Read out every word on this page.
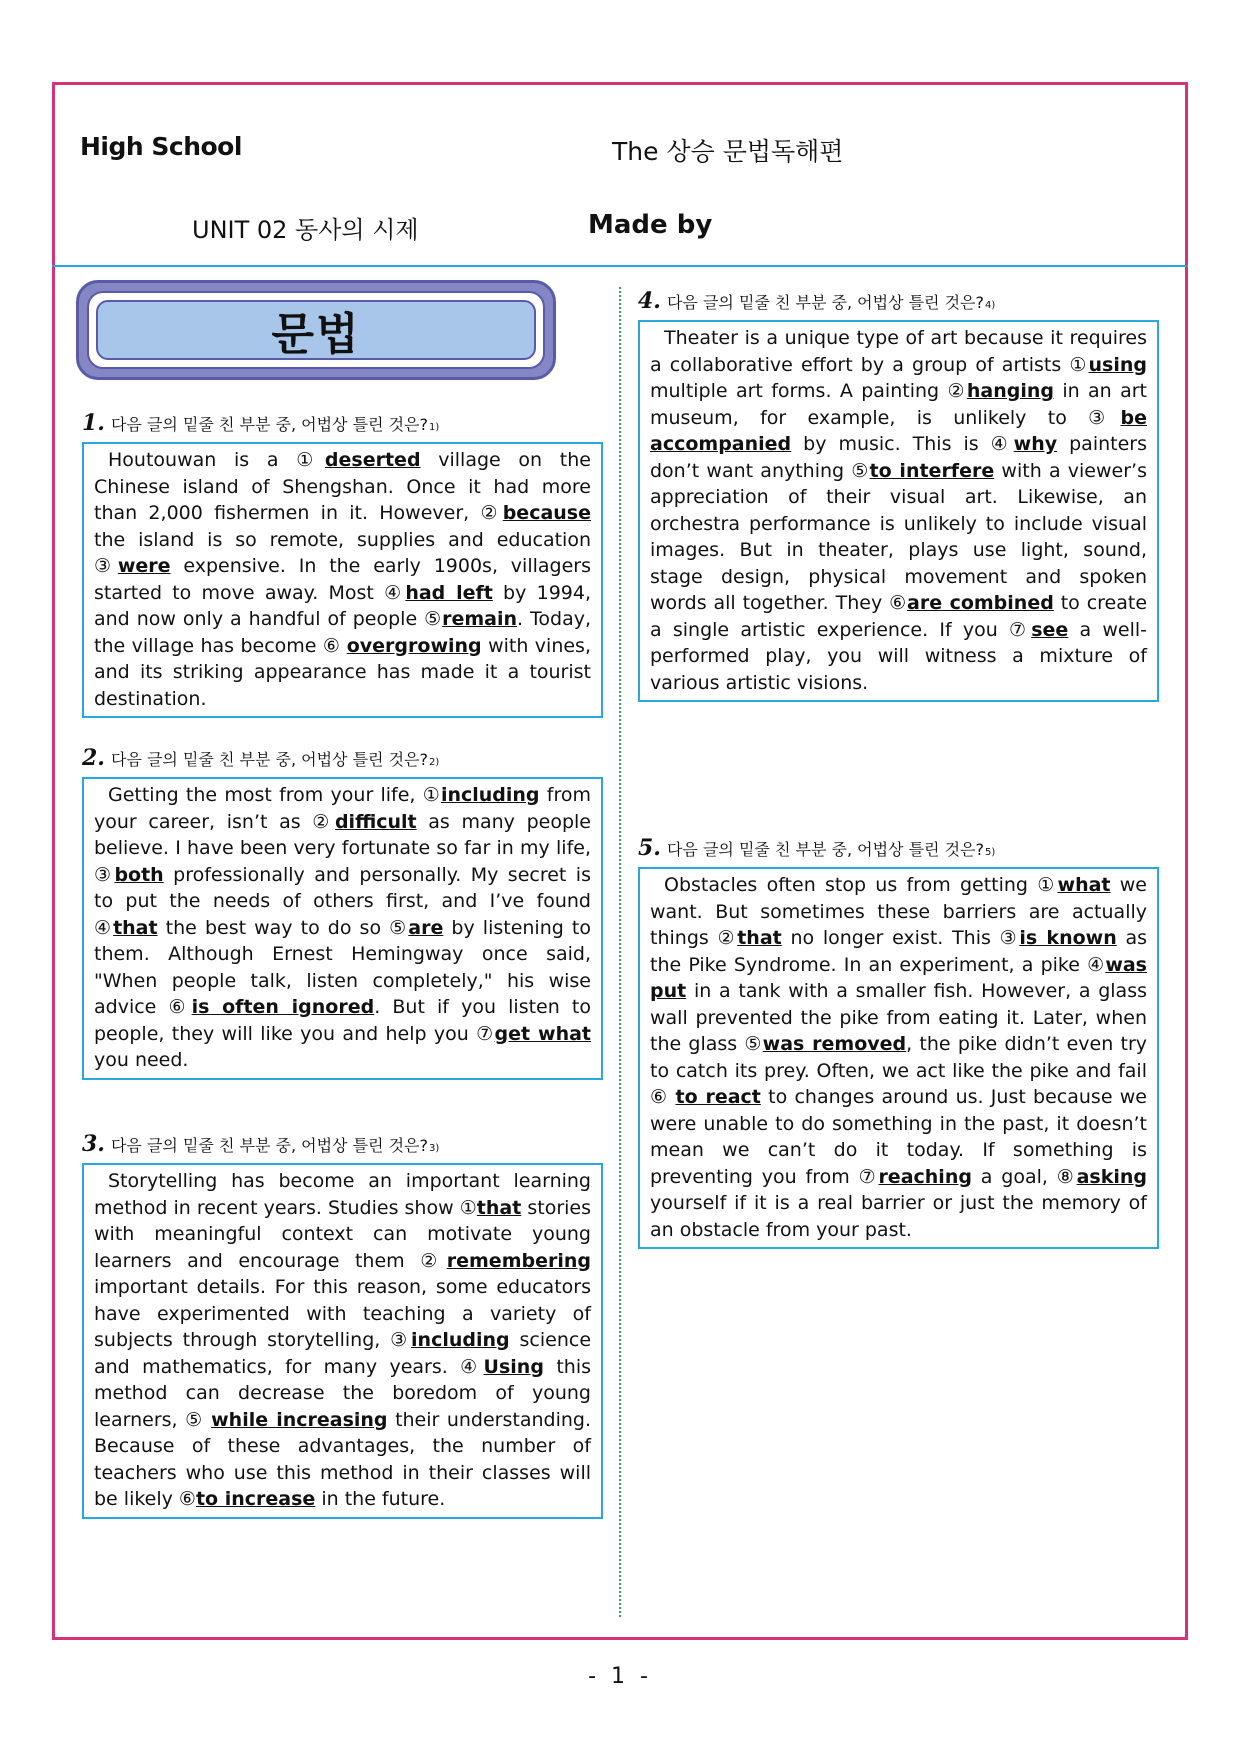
High School	The 상승 문법독해편
UNIT 02 동사의 시제	Made by
문법
1. 다음 글의 밑줄 친 부분 중, 어법상 틀린 것은? 1)

Houtouwan is a ①deserted village on the Chinese island of Shengshan. Once it had more than 2,000 fishermen in it. However, ②because the island is so remote, supplies and education ③were expensive. In the early 1900s, villagers started to move away. Most ④had left by 1994, and now only a handful of people ⑤remain. Today, the village has become ⑥ overgrowing with vines, and its striking appearance has made it a tourist destination.

2. 다음 글의 밑줄 친 부분 중, 어법상 틀린 것은? 2)

Getting the most from your life, ①including from your career, isn’t as ②difficult as many people believe. I have been very fortunate so far in my life, ③both professionally and personally. My secret is to put the needs of others first, and I’ve found ④that the best way to do so ⑤are by listening to them. Although Ernest Hemingway once said, "When people talk, listen completely," his wise advice ⑥is often ignored. But if you listen to people, they will like you and help you ⑦get what you need.

3. 다음 글의 밑줄 친 부분 중, 어법상 틀린 것은? 3)

Storytelling has become an important learning method in recent years. Studies show ①that stories with meaningful context can motivate young learners and encourage them ②remembering important details. For this reason, some educators have experimented with teaching a variety of subjects through storytelling, ③including science and mathematics, for many years. ④Using this method can decrease the boredom of young learners, ⑤ while increasing their understanding. Because of these advantages, the number of teachers who use this method in their classes will be likely ⑥to increase in the future.

4. 다음 글의 밑줄 친 부분 중, 어법상 틀린 것은? 4)

Theater is a unique type of art because it requires a collaborative effort by a group of artists ①using multiple art forms. A painting ②hanging in an art museum, for example, is unlikely to ③be accompanied by music. This is ④why painters don’t want anything ⑤to interfere with a viewer’s appreciation of their visual art. Likewise, an orchestra performance is unlikely to include visual images. But in theater, plays use light, sound, stage design, physical movement and spoken words all together. They ⑥are combined to create a single artistic experience. If you ⑦see a well-performed play, you will witness a mixture of various artistic visions.

5. 다음 글의 밑줄 친 부분 중, 어법상 틀린 것은? 5)

Obstacles often stop us from getting ①what we want. But sometimes these barriers are actually things ②that no longer exist. This ③is known as the Pike Syndrome. In an experiment, a pike ④was put in a tank with a smaller fish. However, a glass wall prevented the pike from eating it. Later, when the glass ⑤was removed, the pike didn’t even try to catch its prey. Often, we act like the pike and fail ⑥ to react to changes around us. Just because we were unable to do something in the past, it doesn’t mean we can’t do it today. If something is preventing you from ⑦reaching a goal, ⑧asking yourself if it is a real barrier or just the memory of an obstacle from your past.

- 1 -
